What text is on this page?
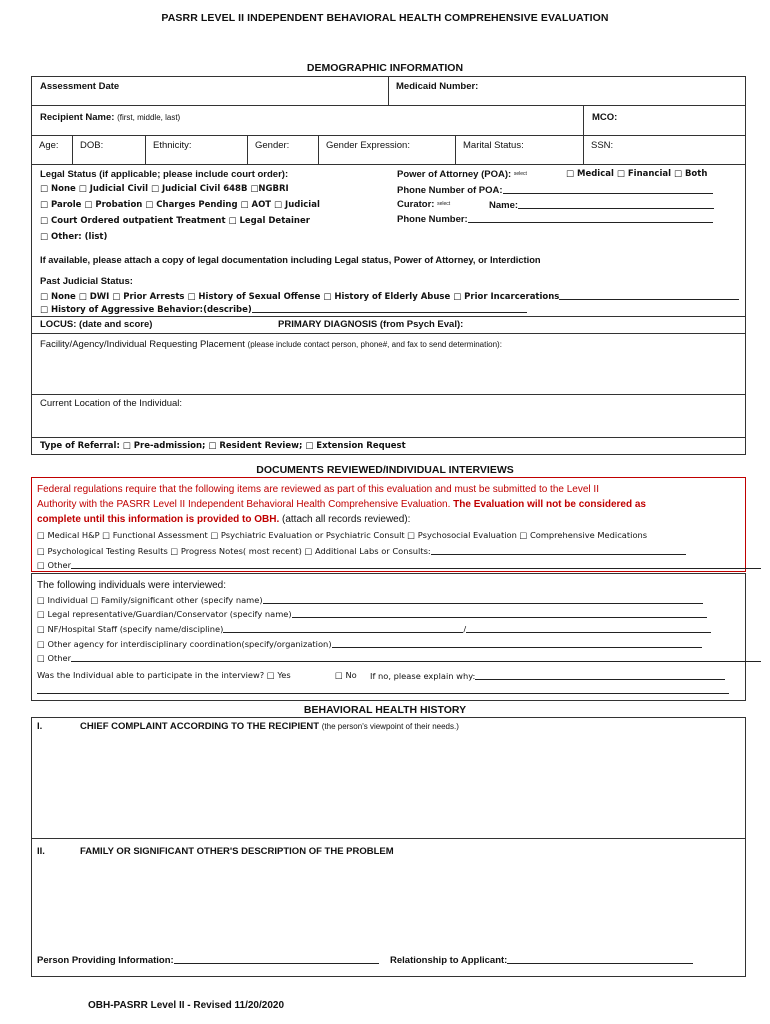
PASRR LEVEL II INDEPENDENT BEHAVIORAL HEALTH COMPREHENSIVE EVALUATION
DEMOGRAPHIC INFORMATION
Assessment Date	Medicaid Number:
Recipient Name: (first, middle, last)	MCO:
Age: DOB:	Ethnicity:	Gender:	Gender Expression:	Marital Status:	SSN:
Legal Status (if applicable; please include court order):
□ None □ Judicial Civil □ Judicial Civil 648B □NGBRI
□ Parole □ Probation □ Charges Pending □ AOT □ Judicial
□ Court Ordered outpatient Treatment □ Legal Detainer
□ Other: (list)
Power of Attorney (POA): $^{select}$	□ Medical □ Financial □ Both
Phone Number of POA:
Curator: $^{select}$	Name:
Phone Number:
If available, please attach a copy of legal documentation including Legal status, Power of Attorney, or Interdiction
Past Judicial Status:
□ None □ DWI □ Prior Arrests □ History of Sexual Offense □ History of Elderly Abuse □ Prior Incarcerations
□ History of Aggressive Behavior:(describe)
LOCUS: (date and score)	PRIMARY DIAGNOSIS (from Psych Eval):
Facility/Agency/Individual Requesting Placement (please include contact person, phone#, and fax to send determination):
Current Location of the Individual:
Type of Referral: □ Pre-admission; □ Resident Review; □ Extension Request
DOCUMENTS REVIEWED/INDIVIDUAL INTERVIEWS
Federal regulations require that the following items are reviewed as part of this evaluation and must be submitted to the Level II
Authority with the PASRR Level II Independent Behavioral Health Comprehensive Evaluation. The Evaluation will not be considered as
complete until this information is provided to OBH. (attach all records reviewed):
□ Medical H&P □ Functional Assessment □ Psychiatric Evaluation or Psychiatric Consult □ Psychosocial Evaluation □ Comprehensive Medications
□ Psychological Testing Results □ Progress Notes( most recent) □ Additional Labs or Consults:
□ Other
The following individuals were interviewed:
□ Individual □ Family/significant other (specify name)
□ Legal representative/Guardian/Conservator (specify name)
□ NF/Hospital Staff (specify name/discipline)	/
□ Other agency for interdisciplinary coordination(specify/organization)
□ Other
Was the Individual able to participate in the interview? □ Yes	□ No If no, please explain why:
BEHAVIORAL HEALTH HISTORY
I.	CHIEF COMPLAINT ACCORDING TO THE RECIPIENT (the person's viewpoint of their needs.)
II.	FAMILY OR SIGNIFICANT OTHER'S DESCRIPTION OF THE PROBLEM
Person Providing Information:	Relationship to Applicant:
OBH-PASRR Level II - Revised 11/20/2020
